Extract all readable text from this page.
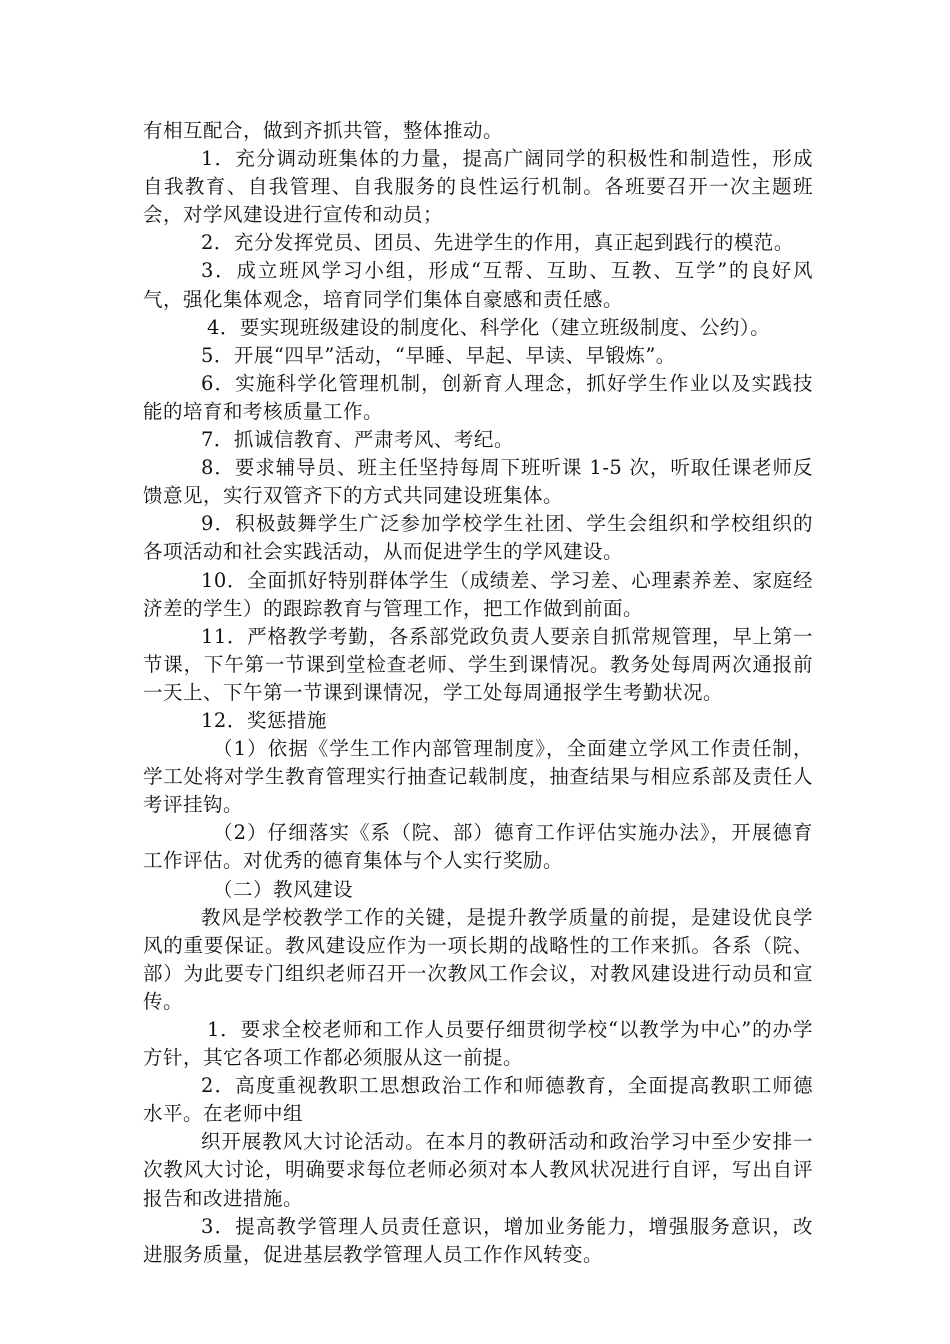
有相互配合，做到齐抓共管，整体推动。

1．充分调动班集体的力量，提高广阔同学的积极性和制造性，形成自我教育、自我管理、自我服务的良性运行机制。各班要召开一次主题班会，对学风建设进行宣传和动员；

2．充分发挥党员、团员、先进学生的作用，真正起到践行的模范。

3．成立班风学习小组，形成“互帮、互助、互教、互学”的良好风气，强化集体观念，培育同学们集体自豪感和责任感。

4．要实现班级建设的制度化、科学化（建立班级制度、公约）。

5．开展“四早”活动，“早睡、早起、早读、早锻炼”。

6．实施科学化管理机制，创新育人理念，抓好学生作业以及实践技能的培育和考核质量工作。

7．抓诚信教育、严肃考风、考纪。

8．要求辅导员、班主任坚持每周下班听课 1-5 次，听取任课老师反馈意见，实行双管齐下的方式共同建设班集体。

9．积极鼓舞学生广泛参加学校学生社团、学生会组织和学校组织的各项活动和社会实践活动，从而促进学生的学风建设。

10．全面抓好特别群体学生（成绩差、学习差、心理素养差、家庭经济差的学生）的跟踪教育与管理工作，把工作做到前面。

11．严格教学考勤，各系部党政负责人要亲自抓常规管理，早上第一节课，下午第一节课到堂检查老师、学生到课情况。教务处每周两次通报前一天上、下午第一节课到课情况，学工处每周通报学生考勤状况。

12．奖惩措施

（1）依据《学生工作内部管理制度》，全面建立学风工作责任制，学工处将对学生教育管理实行抽查记载制度，抽查结果与相应系部及责任人考评挂钩。

（2）仔细落实《系（院、部）德育工作评估实施办法》，开展德育工作评估。对优秀的德育集体与个人实行奖励。

（二）教风建设

教风是学校教学工作的关键，是提升教学质量的前提，是建设优良学风的重要保证。教风建设应作为一项长期的战略性的工作来抓。各系（院、部）为此要专门组织老师召开一次教风工作会议，对教风建设进行动员和宣传。

1．要求全校老师和工作人员要仔细贯彻学校“以教学为中心”的办学方针，其它各项工作都必须服从这一前提。

2．高度重视教职工思想政治工作和师德教育，全面提高教职工师德水平。在老师中组

织开展教风大讨论活动。在本月的教研活动和政治学习中至少安排一次教风大讨论，明确要求每位老师必须对本人教风状况进行自评，写出自评报告和改进措施。

3．提高教学管理人员责任意识，增加业务能力，增强服务意识，改进服务质量，促进基层教学管理人员工作作风转变。
